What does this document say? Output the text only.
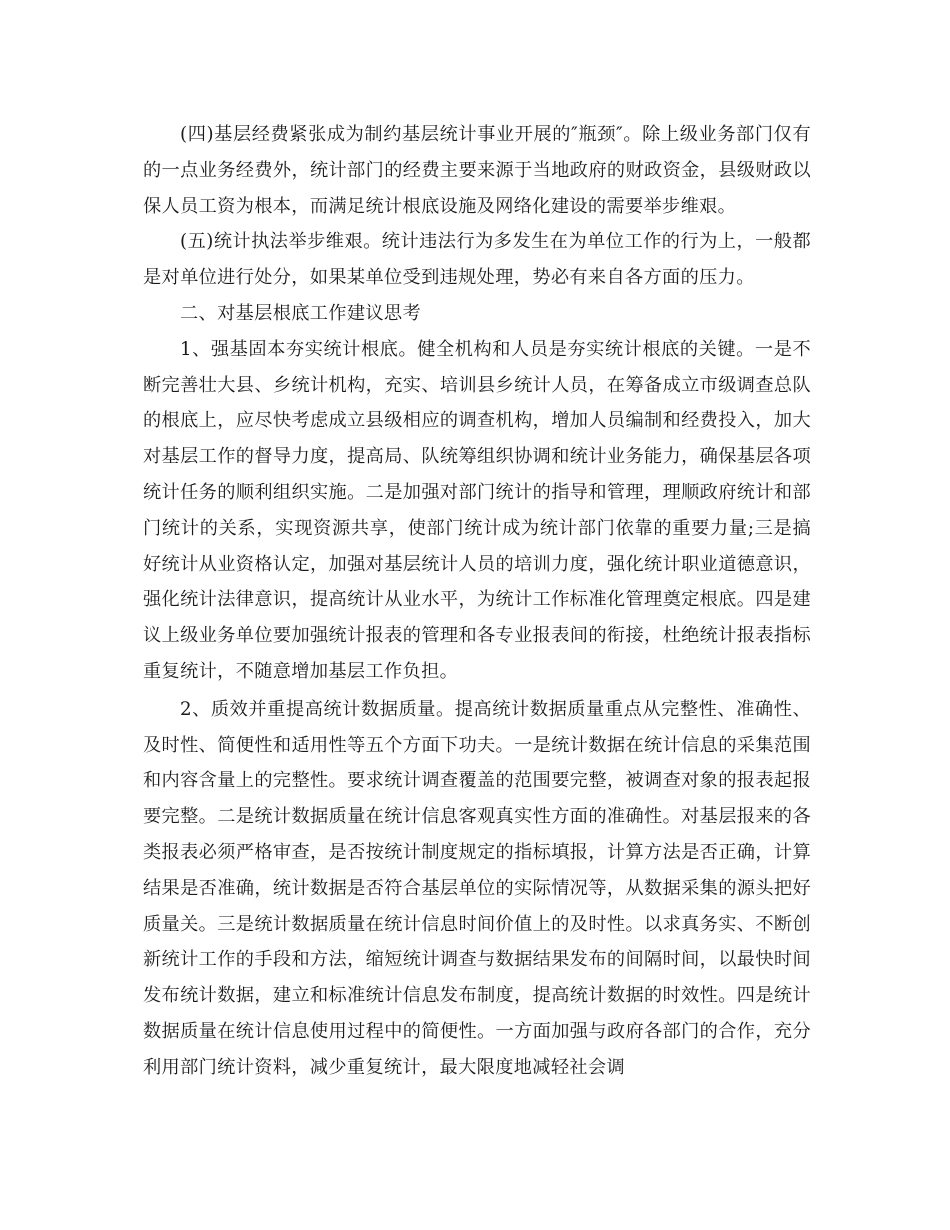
(四)基层经费紧张成为制约基层统计事业开展的″瓶颈″。除上级业务部门仅有的一点业务经费外，统计部门的经费主要来源于当地政府的财政资金，县级财政以保人员工资为根本，而满足统计根底设施及网络化建设的需要举步维艰。

(五)统计执法举步维艰。统计违法行为多发生在为单位工作的行为上，一般都是对单位进行处分，如果某单位受到违规处理，势必有来自各方面的压力。

二、对基层根底工作建议思考

1、强基固本夯实统计根底。健全机构和人员是夯实统计根底的关键。一是不断完善壮大县、乡统计机构，充实、培训县乡统计人员，在筹备成立市级调查总队的根底上，应尽快考虑成立县级相应的调查机构，增加人员编制和经费投入，加大对基层工作的督导力度，提高局、队统筹组织协调和统计业务能力，确保基层各项统计任务的顺利组织实施。二是加强对部门统计的指导和管理，理顺政府统计和部门统计的关系，实现资源共享，使部门统计成为统计部门依靠的重要力量;三是搞好统计从业资格认定，加强对基层统计人员的培训力度，强化统计职业道德意识，强化统计法律意识，提高统计从业水平，为统计工作标准化管理奠定根底。四是建议上级业务单位要加强统计报表的管理和各专业报表间的衔接，杜绝统计报表指标重复统计，不随意增加基层工作负担。

2、质效并重提高统计数据质量。提高统计数据质量重点从完整性、准确性、及时性、简便性和适用性等五个方面下功夫。一是统计数据在统计信息的采集范围和内容含量上的完整性。要求统计调查覆盖的范围要完整，被调查对象的报表起报要完整。二是统计数据质量在统计信息客观真实性方面的准确性。对基层报来的各类报表必须严格审查，是否按统计制度规定的指标填报，计算方法是否正确，计算结果是否准确，统计数据是否符合基层单位的实际情况等，从数据采集的源头把好质量关。三是统计数据质量在统计信息时间价值上的及时性。以求真务实、不断创新统计工作的手段和方法，缩短统计调查与数据结果发布的间隔时间，以最快时间发布统计数据，建立和标准统计信息发布制度，提高统计数据的时效性。四是统计数据质量在统计信息使用过程中的简便性。一方面加强与政府各部门的合作，充分利用部门统计资料，减少重复统计，最大限度地减轻社会调
